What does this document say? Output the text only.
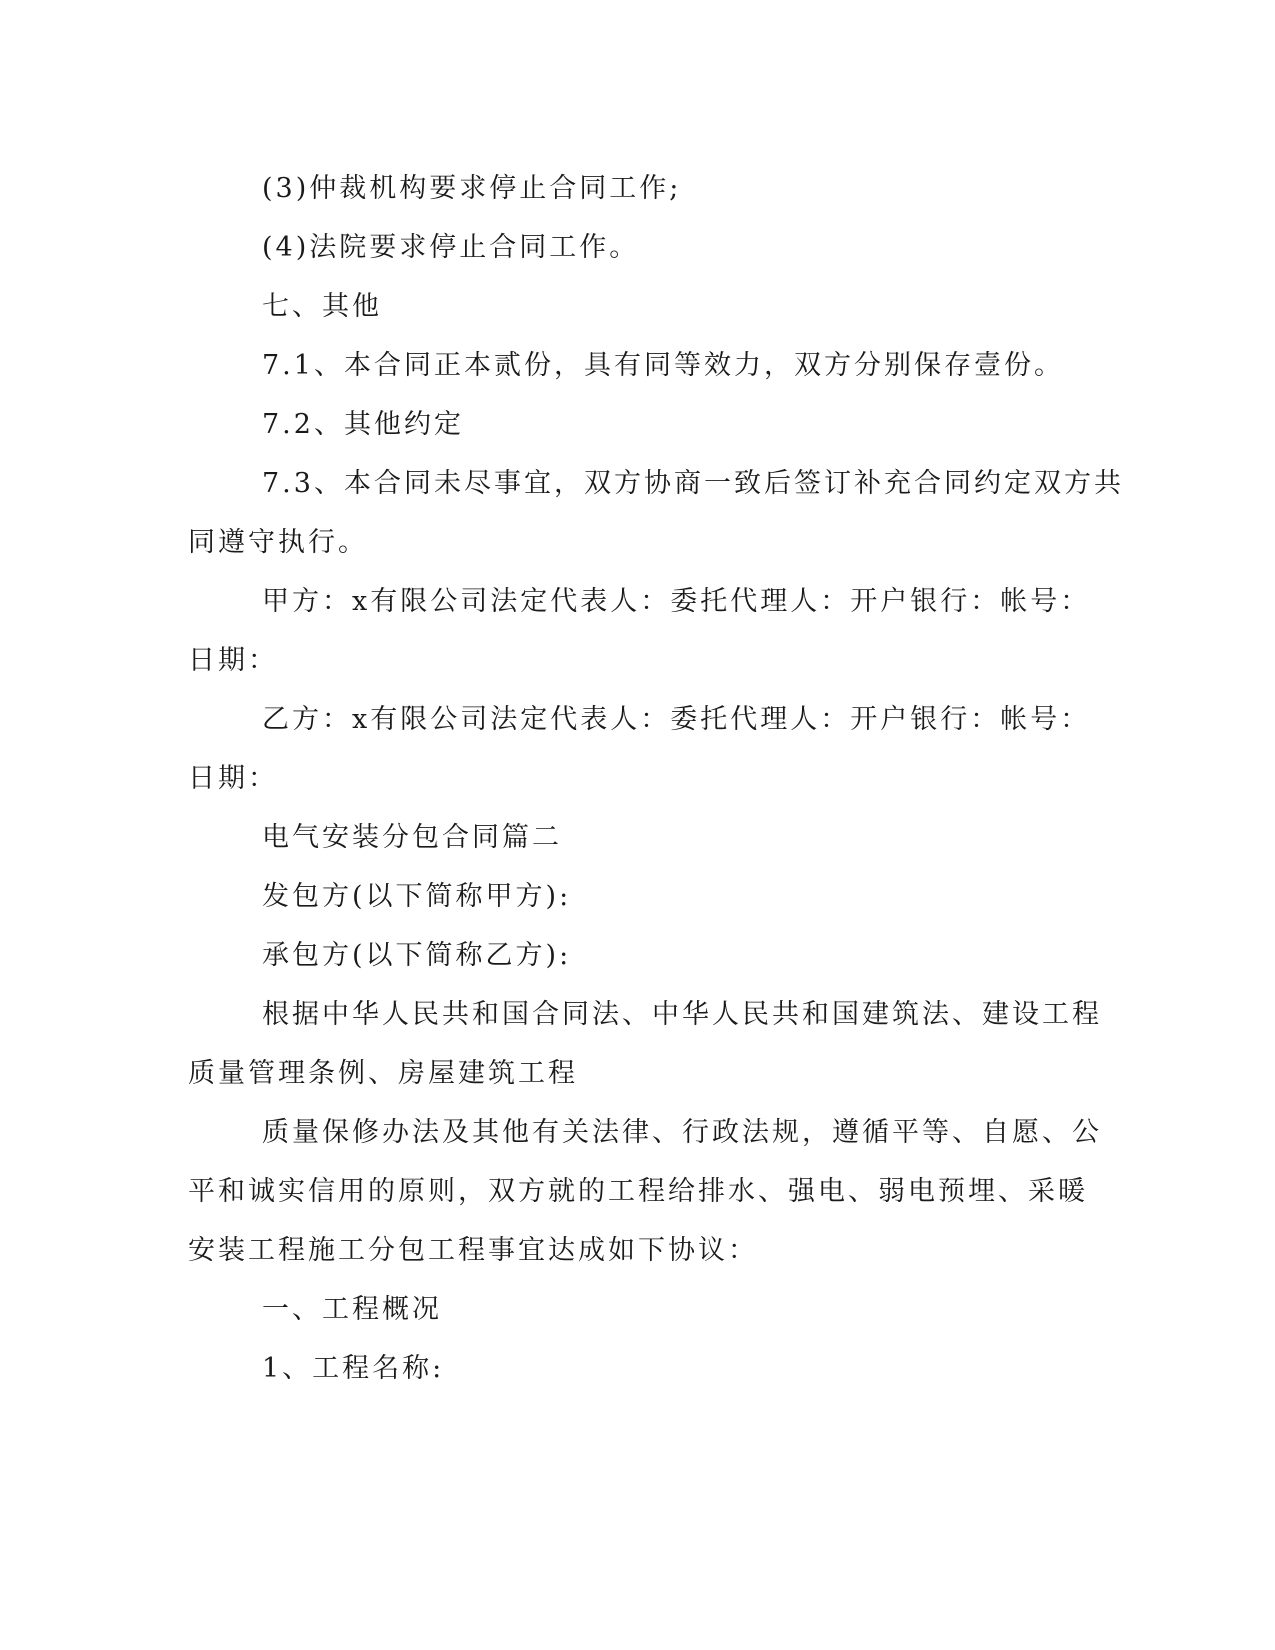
(3)仲裁机构要求停止合同工作;
(4)法院要求停止合同工作。
七、其他
7.1、本合同正本贰份，具有同等效力，双方分别保存壹份。
7.2、其他约定
7.3、本合同未尽事宜，双方协商一致后签订补充合同约定双方共
同遵守执行。
甲方：x有限公司法定代表人：委托代理人：开户银行：帐号：
日期：
乙方：x有限公司法定代表人：委托代理人：开户银行：帐号：
日期：
电气安装分包合同篇二
发包方(以下简称甲方):
承包方(以下简称乙方):
根据中华人民共和国合同法、中华人民共和国建筑法、建设工程
质量管理条例、房屋建筑工程
质量保修办法及其他有关法律、行政法规，遵循平等、自愿、公
平和诚实信用的原则，双方就的工程给排水、强电、弱电预埋、采暖
安装工程施工分包工程事宜达成如下协议：
一、工程概况
1、工程名称:
